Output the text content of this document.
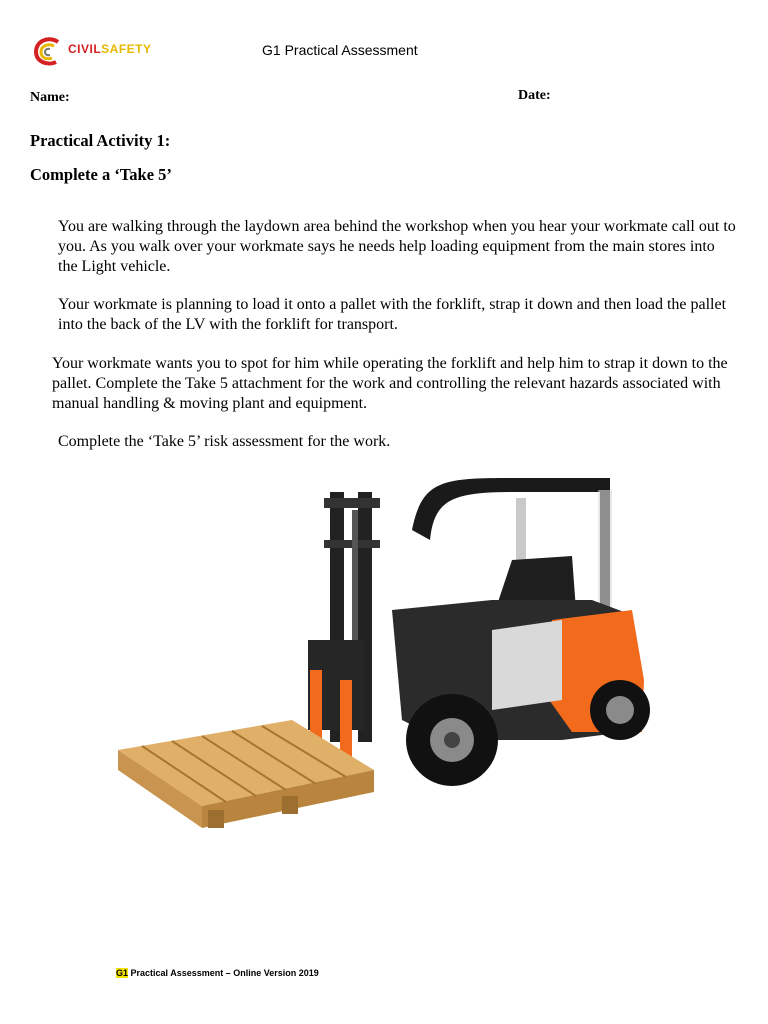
CIVILSAFETY	G1 Practical Assessment
Name:	Date:
Practical Activity 1:
Complete a ‘Take 5’
You are walking through the laydown area behind the workshop when you hear your workmate call out to you. As you walk over your workmate says he needs help loading equipment from the main stores into the Light vehicle.
Your workmate is planning to load it onto a pallet with the forklift, strap it down and then load the pallet into the back of the LV with the forklift for transport.
Your workmate wants you to spot for him while operating the forklift and help him to strap it down to the pallet. Complete the Take 5 attachment for the work and controlling the relevant hazards associated with manual handling & moving plant and equipment.
Complete the ‘Take 5’ risk assessment for the work.
G1 Practical Assessment – Online Version 2019
